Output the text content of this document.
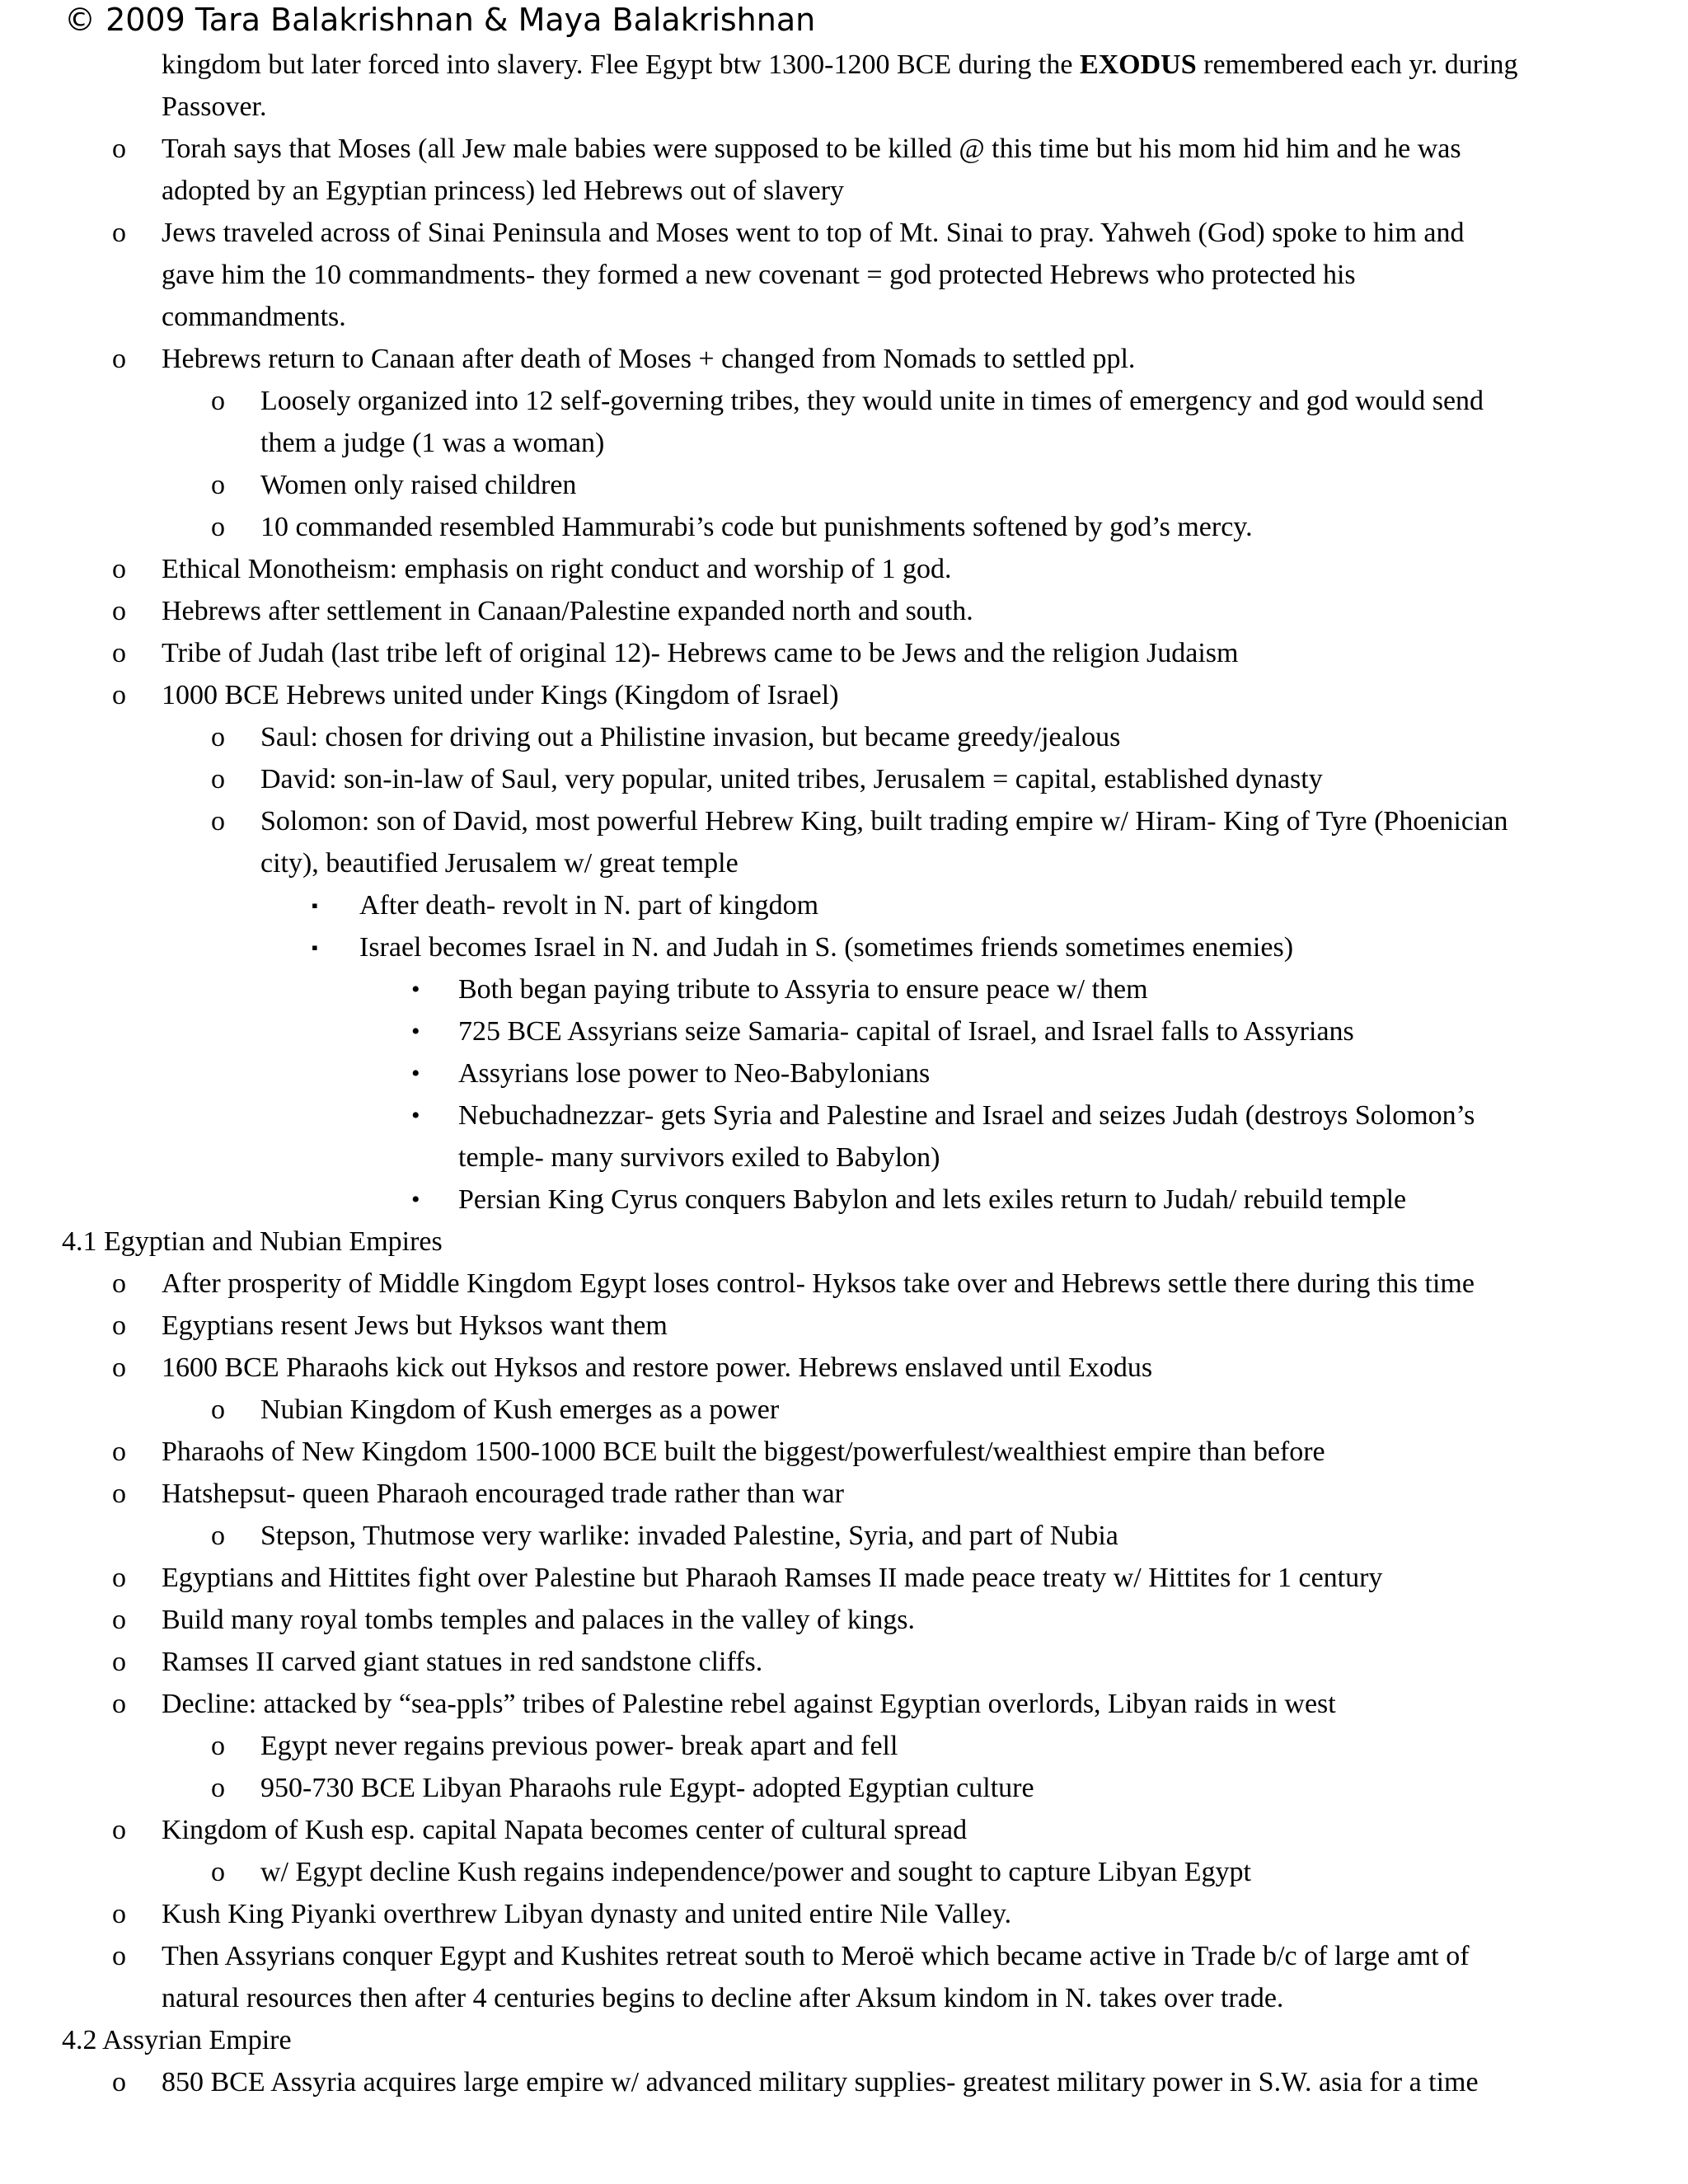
© 2009 Tara Balakrishnan & Maya Balakrishnan
kingdom but later forced into slavery. Flee Egypt btw 1300-1200 BCE during the EXODUS remembered each yr. during
Passover.
o Torah says that Moses (all Jew male babies were supposed to be killed @ this time but his mom hid him and he was
adopted by an Egyptian princess) led Hebrews out of slavery
o Jews traveled across of Sinai Peninsula and Moses went to top of Mt. Sinai to pray. Yahweh (God) spoke to him and
gave him the 10 commandments- they formed a new covenant = god protected Hebrews who protected his
commandments.
o Hebrews return to Canaan after death of Moses + changed from Nomads to settled ppl.
o Loosely organized into 12 self-governing tribes, they would unite in times of emergency and god would send
them a judge (1 was a woman)
o Women only raised children
o 10 commanded resembled Hammurabi’s code but punishments softened by god’s mercy.
o Ethical Monotheism: emphasis on right conduct and worship of 1 god.
o Hebrews after settlement in Canaan/Palestine expanded north and south.
o Tribe of Judah (last tribe left of original 12)- Hebrews came to be Jews and the religion Judaism
o 1000 BCE Hebrews united under Kings (Kingdom of Israel)
o Saul: chosen for driving out a Philistine invasion, but became greedy/jealous
o David: son-in-law of Saul, very popular, united tribes, Jerusalem = capital, established dynasty
o Solomon: son of David, most powerful Hebrew King, built trading empire w/ Hiram- King of Tyre (Phoenician
city), beautified Jerusalem w/ great temple
▪ After death- revolt in N. part of kingdom
▪ Israel becomes Israel in N. and Judah in S. (sometimes friends sometimes enemies)
• Both began paying tribute to Assyria to ensure peace w/ them
• 725 BCE Assyrians seize Samaria- capital of Israel, and Israel falls to Assyrians
• Assyrians lose power to Neo-Babylonians
• Nebuchadnezzar- gets Syria and Palestine and Israel and seizes Judah (destroys Solomon’s
temple- many survivors exiled to Babylon)
• Persian King Cyrus conquers Babylon and lets exiles return to Judah/ rebuild temple
4.1 Egyptian and Nubian Empires
o After prosperity of Middle Kingdom Egypt loses control- Hyksos take over and Hebrews settle there during this time
o Egyptians resent Jews but Hyksos want them
o 1600 BCE Pharaohs kick out Hyksos and restore power. Hebrews enslaved until Exodus
o Nubian Kingdom of Kush emerges as a power
o Pharaohs of New Kingdom 1500-1000 BCE built the biggest/powerfulest/wealthiest empire than before
o Hatshepsut- queen Pharaoh encouraged trade rather than war
o Stepson, Thutmose very warlike: invaded Palestine, Syria, and part of Nubia
o Egyptians and Hittites fight over Palestine but Pharaoh Ramses II made peace treaty w/ Hittites for 1 century
o Build many royal tombs temples and palaces in the valley of kings.
o Ramses II carved giant statues in red sandstone cliffs.
o Decline: attacked by “sea-ppls” tribes of Palestine rebel against Egyptian overlords, Libyan raids in west
o Egypt never regains previous power- break apart and fell
o 950-730 BCE Libyan Pharaohs rule Egypt- adopted Egyptian culture
o Kingdom of Kush esp. capital Napata becomes center of cultural spread
o w/ Egypt decline Kush regains independence/power and sought to capture Libyan Egypt
o Kush King Piyanki overthrew Libyan dynasty and united entire Nile Valley.
o Then Assyrians conquer Egypt and Kushites retreat south to Meroë which became active in Trade b/c of large amt of
natural resources then after 4 centuries begins to decline after Aksum kindom in N. takes over trade.
4.2 Assyrian Empire
o 850 BCE Assyria acquires large empire w/ advanced military supplies- greatest military power in S.W. asia for a time
